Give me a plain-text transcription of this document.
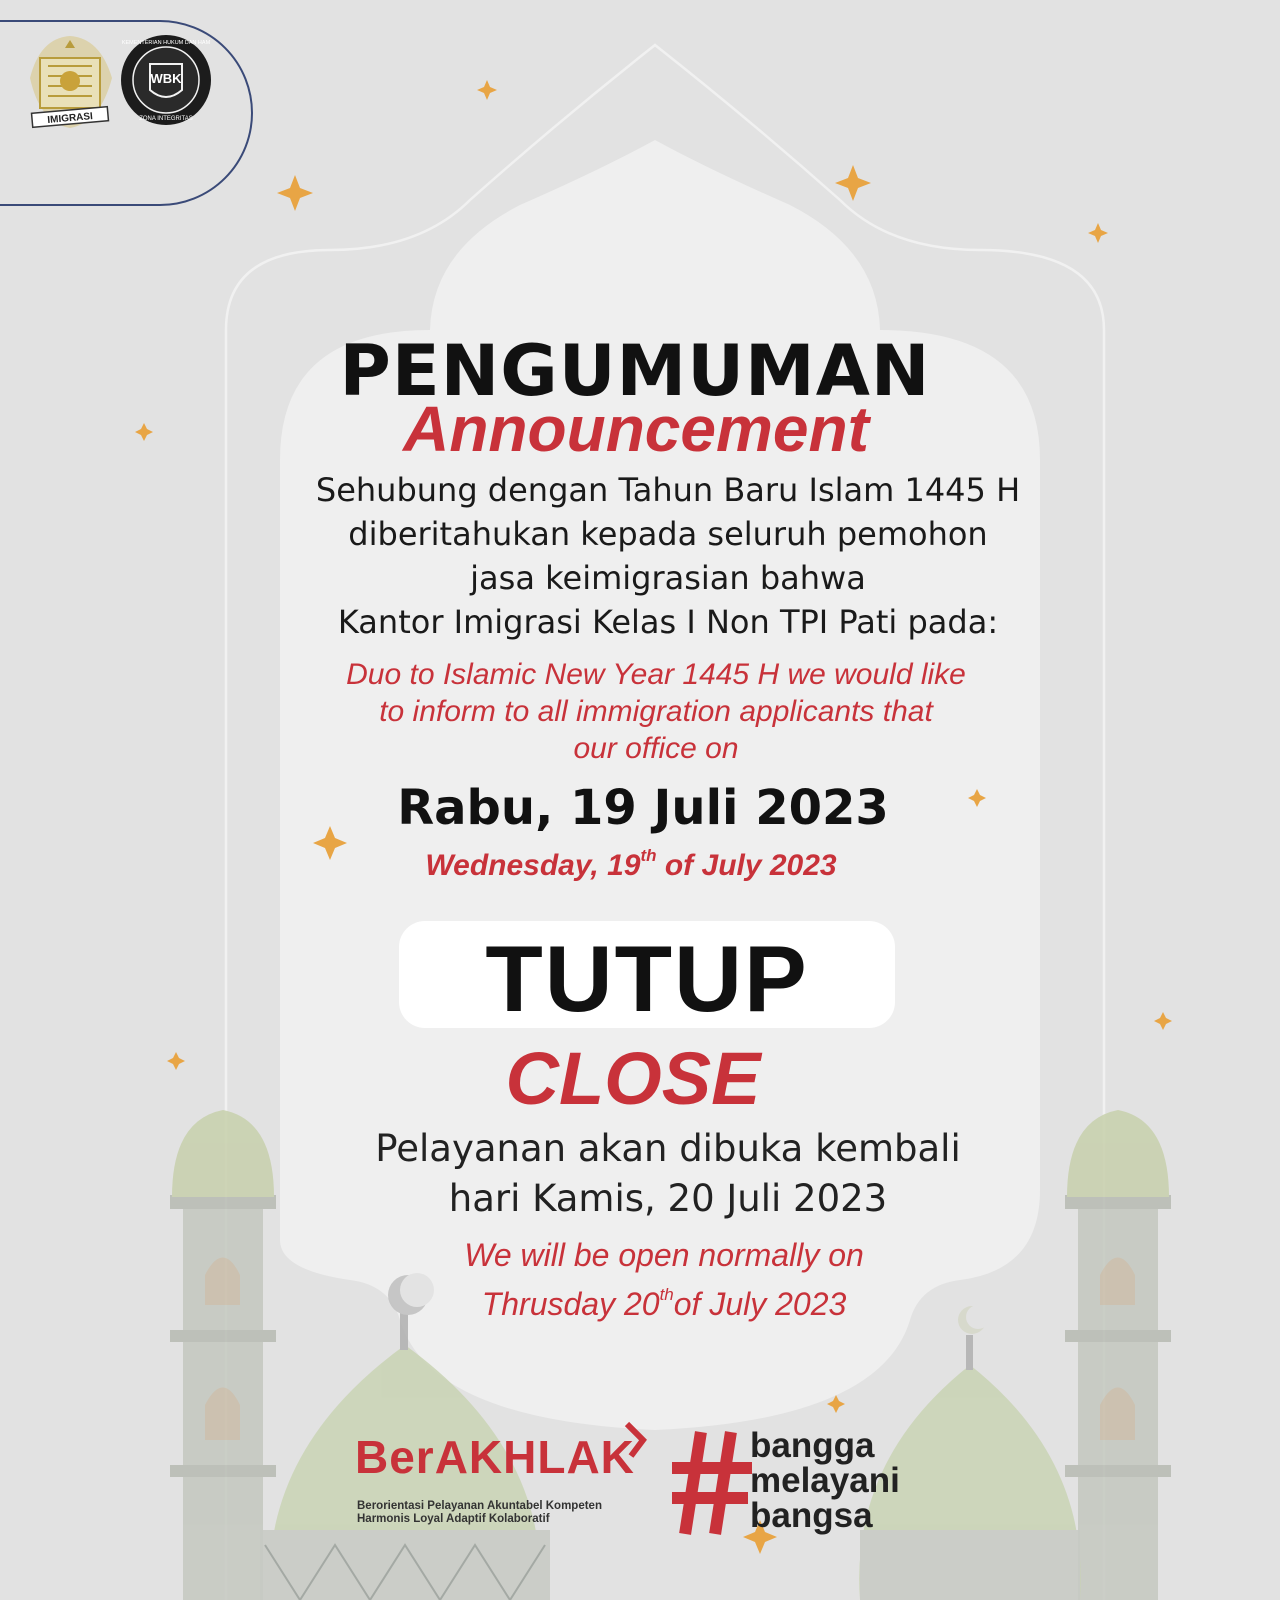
IMIGRASI
WBK
KEMENTERIAN HUKUM DAN HAM
ZONA INTEGRITAS
PENGUMUMAN
Announcement
Sehubung dengan Tahun Baru Islam 1445 H
diberitahukan kepada seluruh pemohon
jasa keimigrasian bahwa
Kantor Imigrasi Kelas I Non TPI Pati pada:
Duo to Islamic New Year 1445 H we would like
to inform to all immigration applicants that
our office on
Rabu, 19 Juli 2023
Wednesday, 19th of July 2023
TUTUP
CLOSE
Pelayanan akan dibuka kembali
hari Kamis, 20 Juli 2023
We will be open normally on
Thrusday 20thof July 2023
BerAKHLAK
Berorientasi Pelayanan Akuntabel Kompeten
Harmonis Loyal Adaptif Kolaboratif
bangga
melayani
bangsa
